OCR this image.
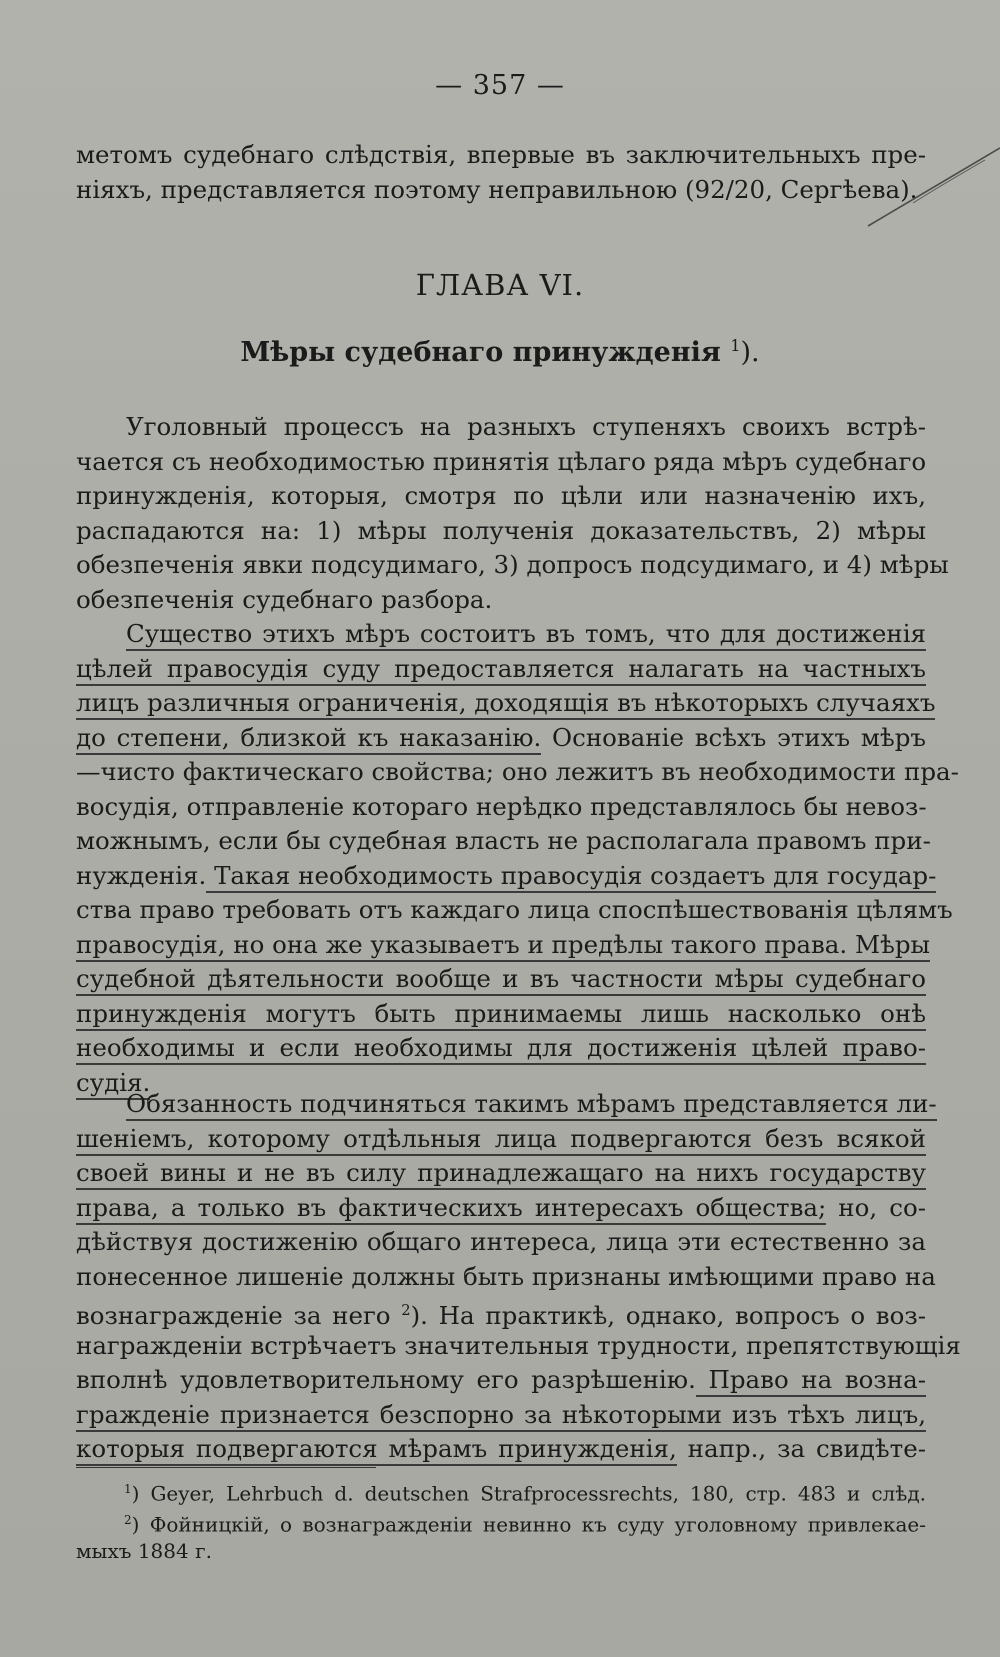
— 357 —
метомъ судебнаго слѣдствія, впервые въ заключительныхъ пре-
ніяхъ, представляется поэтому неправильною (92/20, Сергѣева).
ГЛАВА VI.
Мѣры судебнаго принужденія $^1$).
Уголовный процессъ на разныхъ ступеняхъ своихъ встрѣ-
чается съ необходимостью принятія цѣлаго ряда мѣръ судебнаго
принужденія, которыя, смотря по цѣли или назначенію ихъ,
распадаются на: 1) мѣры полученія доказательствъ, 2) мѣры
обезпеченія явки подсудимаго, 3) допросъ подсудимаго, и 4) мѣры
обезпеченія судебнаго разбора.
Существо этихъ мѣръ состоитъ въ томъ, что для достиженія
цѣлей правосудія суду предоставляется налагать на частныхъ
лицъ различныя ограниченія, доходящія въ нѣкоторыхъ случаяхъ
до степени, близкой къ наказанію. Основаніе всѣхъ этихъ мѣръ
—чисто фактическаго свойства; оно лежитъ въ необходимости пра-
восудія, отправленіе котораго нерѣдко представлялось бы невоз-
можнымъ, если бы судебная власть не располагала правомъ при-
нужденія. Такая необходимость правосудія создаетъ для государ-
ства право требовать отъ каждаго лица споспѣшествованія цѣлямъ
правосудія, но она же указываетъ и предѣлы такого права. Мѣры
судебной дѣятельности вообще и въ частности мѣры судебнаго
принужденія могутъ быть принимаемы лишь насколько онѣ
необходимы и если необходимы для достиженія цѣлей право-
судія.
Обязанность подчиняться такимъ мѣрамъ представляется ли-
шеніемъ, которому отдѣльныя лица подвергаются безъ всякой
своей вины и не въ силу принадлежащаго на нихъ государству
права, а только въ фактическихъ интересахъ общества; но, со-
дѣйствуя достиженію общаго интереса, лица эти естественно за
понесенное лишеніе должны быть признаны имѣющими право на
вознагражденіе за него $^2$). На практикѣ, однако, вопросъ о воз-
награжденіи встрѣчаетъ значительныя трудности, препятствующія
вполнѣ удовлетворительному его разрѣшенію. Право на возна-
гражденіе признается безспорно за нѣкоторыми изъ тѣхъ лицъ,
которыя подвергаются мѣрамъ принужденія, напр., за свидѣте-
$^1$) Geyer, Lehrbuch d. deutschen Strafprocessrechts, 180, стр. 483 и слѣд.
$^2$) Фойницкій, о вознагражденіи невинно къ суду уголовному привлекае-
мыхъ 1884 г.
